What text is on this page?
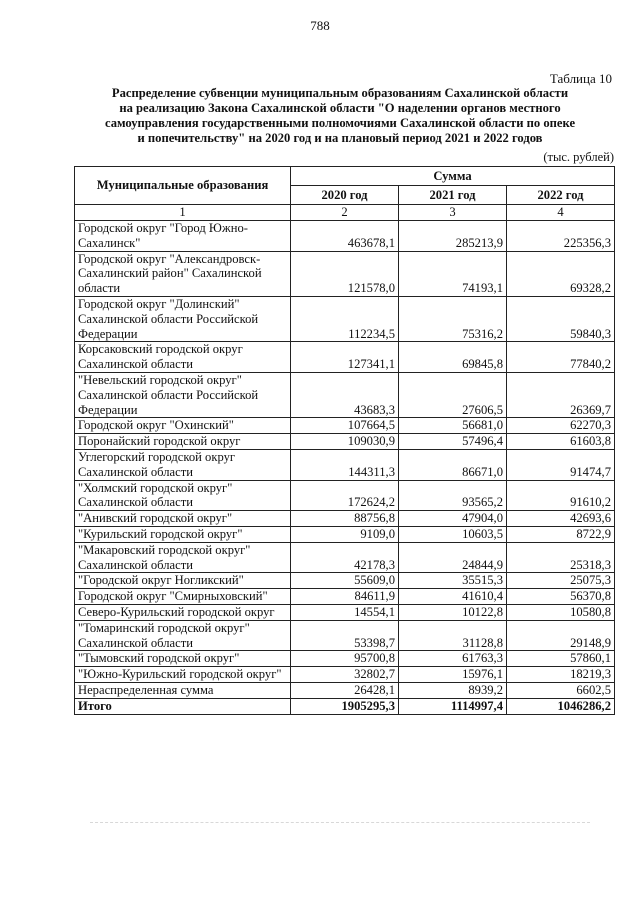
788
Таблица 10
Распределение субвенции муниципальным образованиям Сахалинской области
на реализацию Закона Сахалинской области "О наделении органов местного
самоуправления государственными полномочиями Сахалинской области по опеке
и попечительству" на 2020 год и на плановый период 2021 и 2022 годов
(тыс. рублей)
Муниципальные образования	Сумма		
	2020 год	2021 год	2022 год
1	2	3	4
Городской округ "Город Южно-Сахалинск"	463678,1	285213,9	225356,3
Городской округ "Александровск-Сахалинский район" Сахалинской области	121578,0	74193,1	69328,2
Городской округ "Долинский" Сахалинской области Российской Федерации	112234,5	75316,2	59840,3
Корсаковский городской округ Сахалинской области	127341,1	69845,8	77840,2
"Невельский городской округ" Сахалинской области Российской Федерации	43683,3	27606,5	26369,7
Городской округ "Охинский"	107664,5	56681,0	62270,3
Поронайский городской округ	109030,9	57496,4	61603,8
Углегорский городской округ Сахалинской области	144311,3	86671,0	91474,7
"Холмский городской округ" Сахалинской области	172624,2	93565,2	91610,2
"Анивский городской округ"	88756,8	47904,0	42693,6
"Курильский городской округ"	9109,0	10603,5	8722,9
"Макаровский городской округ" Сахалинской области	42178,3	24844,9	25318,3
"Городской округ Ногликский"	55609,0	35515,3	25075,3
Городской округ "Смирныховский"	84611,9	41610,4	56370,8
Северо-Курильский городской округ	14554,1	10122,8	10580,8
"Томаринский городской округ" Сахалинской области	53398,7	31128,8	29148,9
"Тымовский городской округ"	95700,8	61763,3	57860,1
"Южно-Курильский городской округ"	32802,7	15976,1	18219,3
Нераспределенная сумма	26428,1	8939,2	6602,5
Итого	1905295,3	1114997,4	1046286,2
